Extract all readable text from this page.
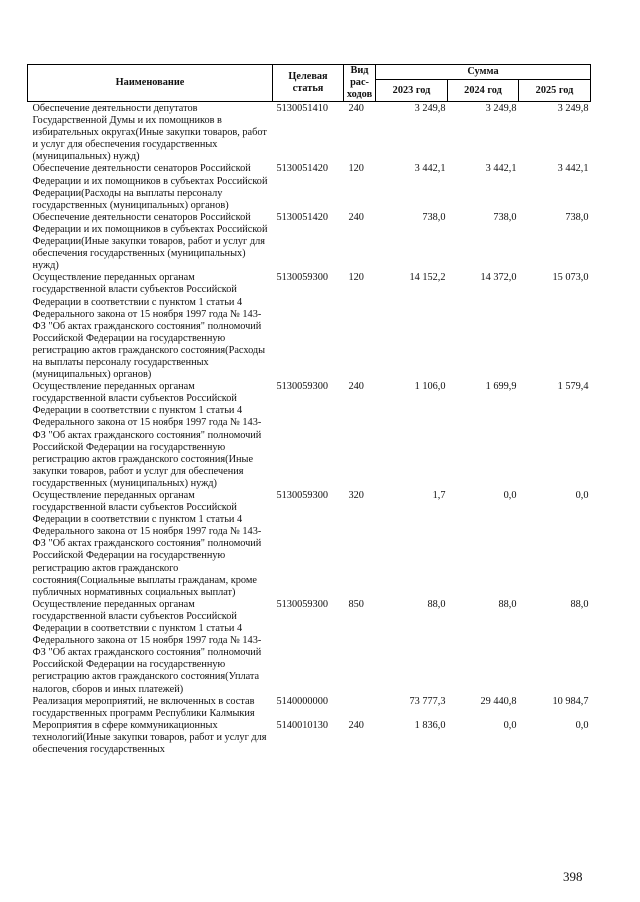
Наименование	Целевая статья	Вид рас-ходов	Сумма		
			2023 год	2024 год	2025 год
Обеспечение деятельности депутатов Государственной Думы и их помощников в избирательных округах(Иные закупки товаров, работ и услуг для обеспечения государственных (муниципальных) нужд)	5130051410	240	3 249,8	3 249,8	3 249,8
Обеспечение деятельности сенаторов Российской Федерации и их помощников в субъектах Российской Федерации(Расходы на выплаты персоналу государственных (муниципальных) органов)	5130051420	120	3 442,1	3 442,1	3 442,1
Обеспечение деятельности сенаторов Российской Федерации и их помощников в субъектах Российской Федерации(Иные закупки товаров, работ и услуг для обеспечения государственных (муниципальных) нужд)	5130051420	240	738,0	738,0	738,0
Осуществление переданных органам государственной власти субъектов Российской Федерации в соответствии с пунктом 1 статьи 4 Федерального закона от 15 ноября 1997 года № 143-ФЗ "Об актах гражданского состояния" полномочий Российской Федерации на государственную регистрацию актов гражданского состояния(Расходы на выплаты персоналу государственных (муниципальных) органов)	5130059300	120	14 152,2	14 372,0	15 073,0
Осуществление переданных органам государственной власти субъектов Российской Федерации в соответствии с пунктом 1 статьи 4 Федерального закона от 15 ноября 1997 года № 143-ФЗ "Об актах гражданского состояния" полномочий Российской Федерации на государственную регистрацию актов гражданского состояния(Иные закупки товаров, работ и услуг для обеспечения государственных (муниципальных) нужд)	5130059300	240	1 106,0	1 699,9	1 579,4
Осуществление переданных органам государственной власти субъектов Российской Федерации в соответствии с пунктом 1 статьи 4 Федерального закона от 15 ноября 1997 года № 143-ФЗ "Об актах гражданского состояния" полномочий Российской Федерации на государственную регистрацию актов гражданского состояния(Социальные выплаты гражданам, кроме публичных нормативных социальных выплат)	5130059300	320	1,7	0,0	0,0
Осуществление переданных органам государственной власти субъектов Российской Федерации в соответствии с пунктом 1 статьи 4 Федерального закона от 15 ноября 1997 года № 143-ФЗ "Об актах гражданского состояния" полномочий Российской Федерации на государственную регистрацию актов гражданского состояния(Уплата налогов, сборов и иных платежей)	5130059300	850	88,0	88,0	88,0
Реализация мероприятий, не включенных в состав государственных программ Республики Калмыкия	5140000000		73 777,3	29 440,8	10 984,7
Мероприятия в сфере коммуникационных технологий(Иные закупки товаров, работ и услуг для обеспечения государственных	5140010130	240	1 836,0	0,0	0,0
398
